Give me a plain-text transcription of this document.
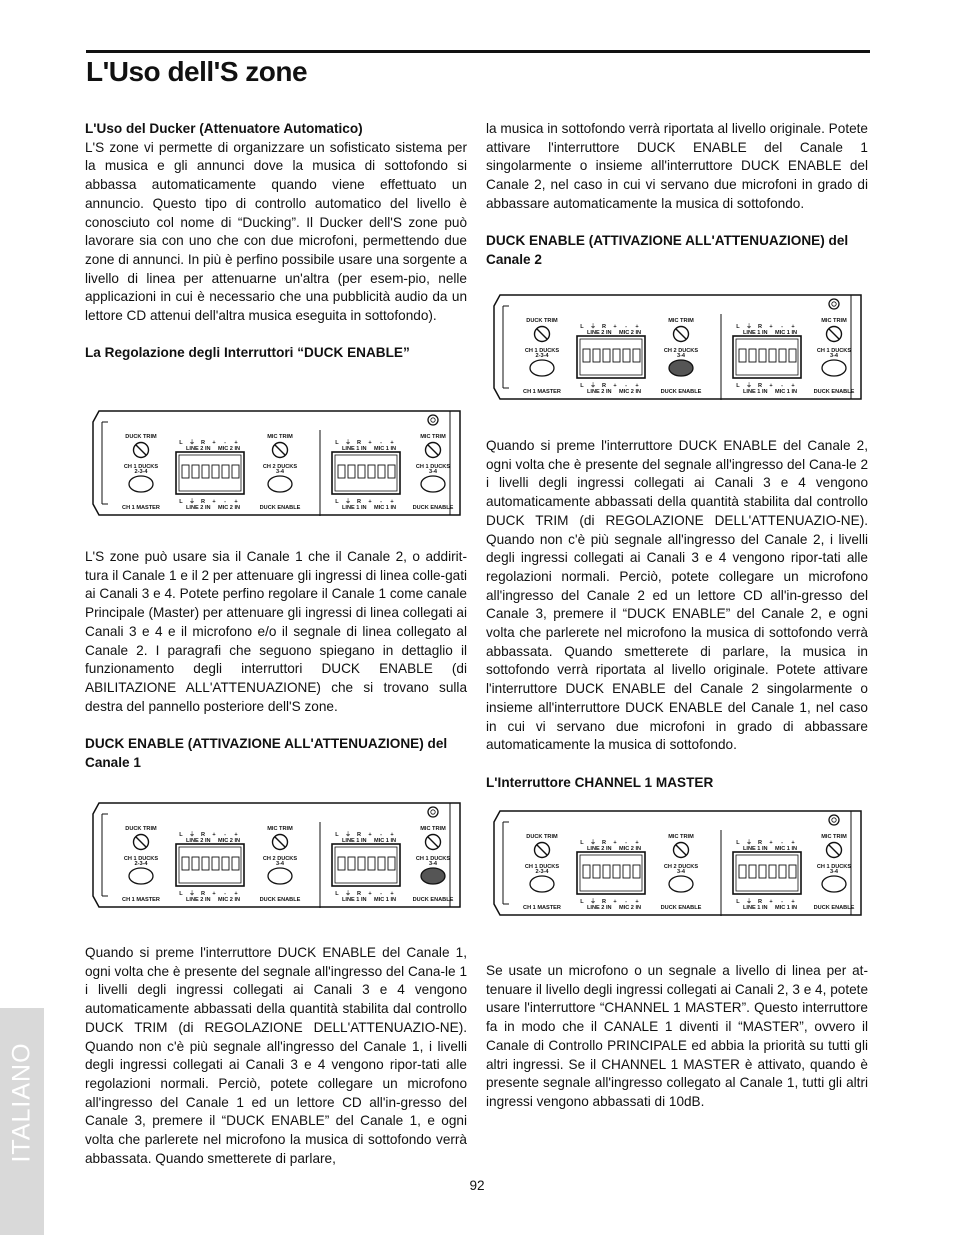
L'Uso dell'S zone

L'Uso del Ducker (Attenuatore Automatico)

L'S zone vi permette di organizzare un sofisticato sistema per la musica e gli annunci dove la musica di sottofondo si abbassa automaticamente quando viene effettuato un annuncio. Questo tipo di controllo automatico del livello è conosciuto col nome di “Ducking”. Il Ducker dell'S zone può lavorare sia con uno che con due microfoni, permettendo due zone di annunci. In più è perfino possibile usare una sorgente a livello di linea per attenuarne un'altra (per esem-pio, nelle applicazioni in cui è necessario che una pubblicità audio da un lettore CD attenui dell'altra musica eseguita in sottofondo).

La Regolazione degli Interruttori “DUCK ENABLE”

L'S zone può usare sia il Canale 1 che il Canale 2, o addirit-tura il Canale 1 e il 2 per attenuare gli ingressi di linea colle-gati ai Canali 3 e 4. Potete perfino regolare il Canale 1 come canale Principale (Master) per attenuare gli ingressi di linea collegati ai Canali 3 e 4 e il microfono e/o il segnale di linea collegato al Canale 2. I paragrafi che seguono spiegano in dettaglio il funzionamento degli interruttori DUCK ENABLE (di ABILITAZIONE ALL'ATTENUAZIONE) che si trovano sulla destra del pannello posteriore dell'S zone.

DUCK ENABLE (ATTIVAZIONE ALL'ATTENUAZIONE) del Canale 1

Quando si preme l'interruttore DUCK ENABLE del Canale 1, ogni volta che è presente del segnale all'ingresso del Cana-le 1 i livelli degli ingressi collegati ai Canali 3 e 4 vengono automaticamente abbassati della quantità stabilita dal controllo DUCK TRIM (di REGOLAZIONE DELL'ATTENUAZIO-NE). Quando non c'è più segnale all'ingresso del Canale 1, i livelli degli ingressi collegati ai Canali 3 e 4 vengono ripor-tati alle regolazioni normali. Perciò, potete collegare un microfono all'ingresso del Canale 1 ed un lettore CD all'in-gresso del Canale 3, premere il “DUCK ENABLE” del Canale 1, e ogni volta che parlerete nel microfono la musica di sottofondo verrà abbassata. Quando smetterete di parlare,

la musica in sottofondo verrà riportata al livello originale. Potete attivare l'interruttore DUCK ENABLE del Canale 1 singolarmente o insieme all'interruttore DUCK ENABLE del Canale 2, nel caso in cui vi servano due microfoni in grado di abbassare automaticamente la musica di sottofondo.

DUCK ENABLE (ATTIVAZIONE ALL'ATTENUAZIONE) del Canale 2

Quando si preme l'interruttore DUCK ENABLE del Canale 2, ogni volta che è presente del segnale all'ingresso del Cana-le 2 i livelli degli ingressi collegati ai Canali 3 e 4 vengono automaticamente abbassati della quantità stabilita dal controllo DUCK TRIM (di REGOLAZIONE DELL'ATTENUAZIO-NE). Quando non c'è più segnale all'ingresso del Canale 2, i livelli degli ingressi collegati ai Canali 3 e 4 vengono ripor-tati alle regolazioni normali. Perciò, potete collegare un microfono all'ingresso del Canale 2 ed un lettore CD all'in-gresso del Canale 3, premere il “DUCK ENABLE” del Canale 2, e ogni volta che parlerete nel microfono la musica di sottofondo verrà abbassata. Quando smetterete di parlare, la musica in sottofondo verrà riportata al livello originale. Potete attivare l'interruttore DUCK ENABLE del Canale 2 singolarmente o insieme all'interruttore DUCK ENABLE del Canale 1, nel caso in cui vi servano due microfoni in grado di abbassare automaticamente la musica di sottofondo.

L'Interruttore CHANNEL 1 MASTER

Se usate un microfono o un segnale a livello di linea per at-tenuare il livello degli ingressi collegati ai Canali 2, 3 e 4, potete usare l'interruttore “CHANNEL 1 MASTER”. Questo interruttore fa in modo che il CANALE 1 diventi il “MASTER”, ovvero il Canale di Controllo PRINCIPALE ed abbia la priorità su tutti gli altri ingressi. Se il CHANNEL 1 MASTER è attivato, quando è presente segnale all'ingresso collegato al Canale 1, tutti gli altri ingressi vengono abbassati di 10dB.

DUCK TRIM
CH 1 DUCKS
2-3-4
CH 1 MASTER
L ⏚ R + - +
LINE 2 IN MIC 2 IN
L ⏚ R + - +
LINE 2 IN MIC 2 IN
MIC TRIM
CH 2 DUCKS
3-4
DUCK ENABLE
L ⏚ R + - +
LINE 1 IN MIC 1 IN
L ⏚ R + - +
LINE 1 IN MIC 1 IN
MIC TRIM
CH 1 DUCKS
3-4
DUCK ENABLE
DUCK TRIM
CH 1 DUCKS
2-3-4
CH 1 MASTER
L ⏚ R + - +
LINE 2 IN MIC 2 IN
L ⏚ R + - +
LINE 2 IN MIC 2 IN
MIC TRIM
CH 2 DUCKS
3-4
DUCK ENABLE
L ⏚ R + - +
LINE 1 IN MIC 1 IN
L ⏚ R + - +
LINE 1 IN MIC 1 IN
MIC TRIM
CH 1 DUCKS
3-4
DUCK ENABLE
DUCK TRIM
CH 1 DUCKS
2-3-4
CH 1 MASTER
L ⏚ R + - +
LINE 2 IN MIC 2 IN
L ⏚ R + - +
LINE 2 IN MIC 2 IN
MIC TRIM
CH 2 DUCKS
3-4
DUCK ENABLE
L ⏚ R + - +
LINE 1 IN MIC 1 IN
L ⏚ R + - +
LINE 1 IN MIC 1 IN
MIC TRIM
CH 1 DUCKS
3-4
DUCK ENABLE
DUCK TRIM
CH 1 DUCKS
2-3-4
CH 1 MASTER
L ⏚ R + - +
LINE 2 IN MIC 2 IN
L ⏚ R + - +
LINE 2 IN MIC 2 IN
MIC TRIM
CH 2 DUCKS
3-4
DUCK ENABLE
L ⏚ R + - +
LINE 1 IN MIC 1 IN
L ⏚ R + - +
LINE 1 IN MIC 1 IN
MIC TRIM
CH 1 DUCKS
3-4
DUCK ENABLE
ITALIANO
92
